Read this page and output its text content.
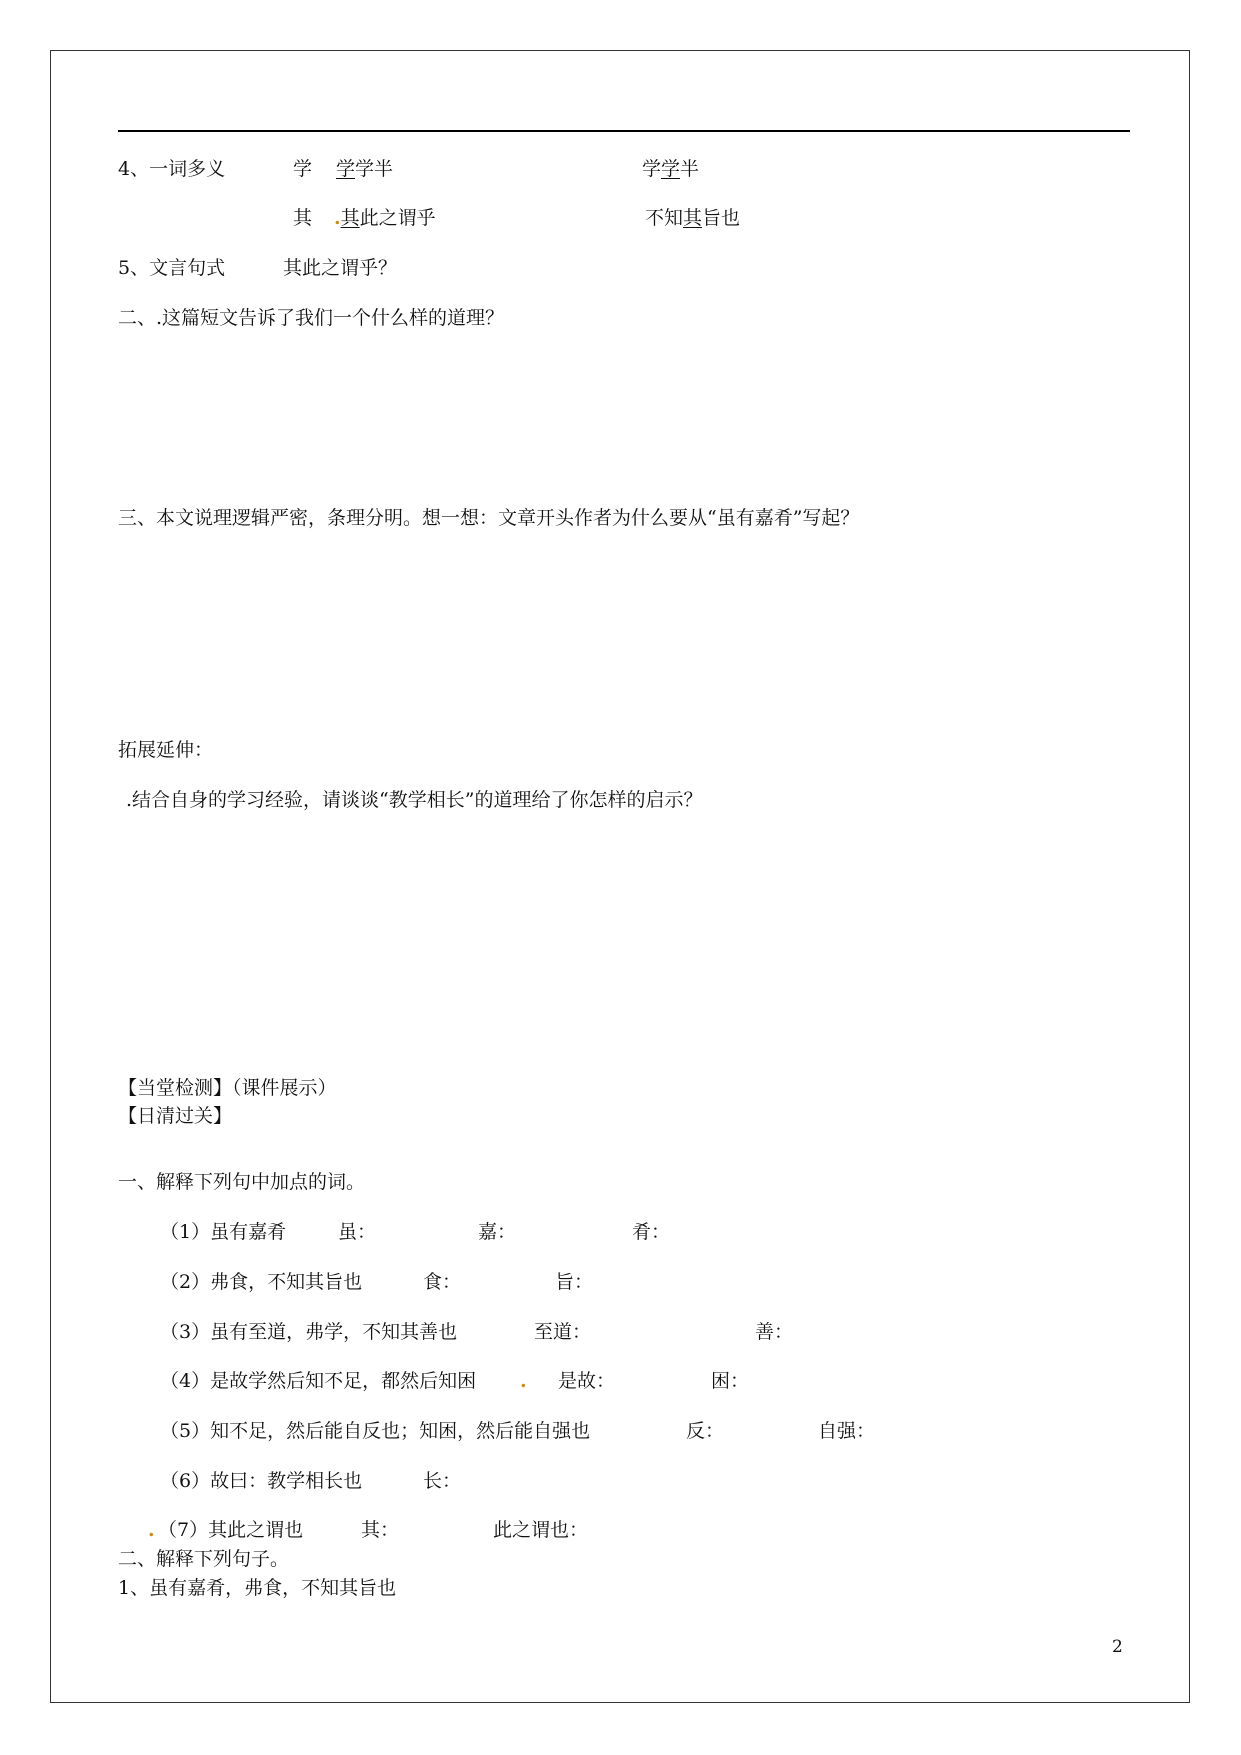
4、一词多义	学 学学半	学学半
其 .其此之谓乎	不知其旨也
5、文言句式	其此之谓乎？
二、.这篇短文告诉了我们一个什么样的道理？
三、本文说理逻辑严密，条理分明。想一想：文章开头作者为什么要从“虽有嘉肴”写起？
拓展延伸：
.结合自身的学习经验，请谈谈“教学相长”的道理给了你怎样的启示？
【当堂检测】（课件展示）
【日清过关】
一、解释下列句中加点的词。
（1）虽有嘉肴	虽：	嘉：	肴：
（2）弗食，不知其旨也	食：	旨：
（3）虽有至道，弗学，不知其善也	至道：	善：
（4）是故学然后知不足，都然后知困 . 是故：	困：
（5）知不足，然后能自反也；知困，然后能自强也	反：	自强：
（6）故曰：教学相长也	长：
. （7）其此之谓也	其：	此之谓也：
二、解释下列句子。
1、虽有嘉肴，弗食，不知其旨也
2
